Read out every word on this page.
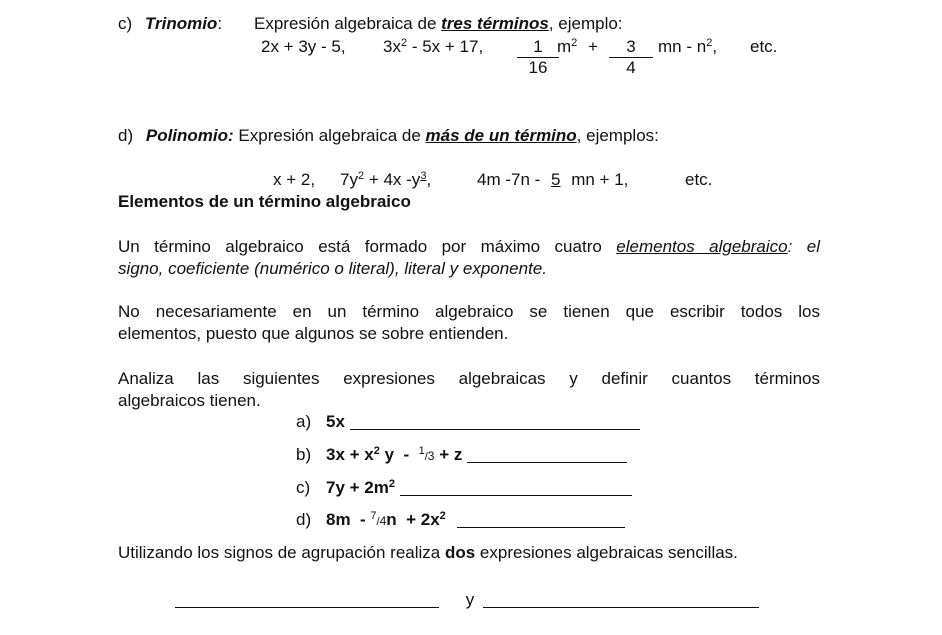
c) Trinomio: Expresión algebraica de tres términos, ejemplo:
2x + 3y - 5, $3x^2 - 5x + 17$, $\frac{1}{16}$
$m^2 + \frac{3}{4}$ mn - $n^2$, etc.
d) Polinomio: Expresión algebraica de más de un término, ejemplos:
x + 2, $7y^2 + 4x$ $-y^3$,	4m -7n - 5 mn + 1,	etc.
Elementos de un término algebraico
Un término algebraico está formado por máximo cuatro elementos algebraico: el
signo, coeficiente (numérico o literal), literal y exponente.
No necesariamente en un término algebraico se tienen que escribir todos los
elementos, puesto que algunos se sobre entienden.
Analiza las siguientes expresiones algebraicas y definir cuantos términos
algebraicos tienen.
a) 5x
b) $3x + x^2$ y  -  $^1$/3 + z
c) $7y + 2m^2$
d) $8m - ^7/4n + 2x^2$
Utilizando los signos de agrupación realiza dos expresiones algebraicas sencillas.
y
